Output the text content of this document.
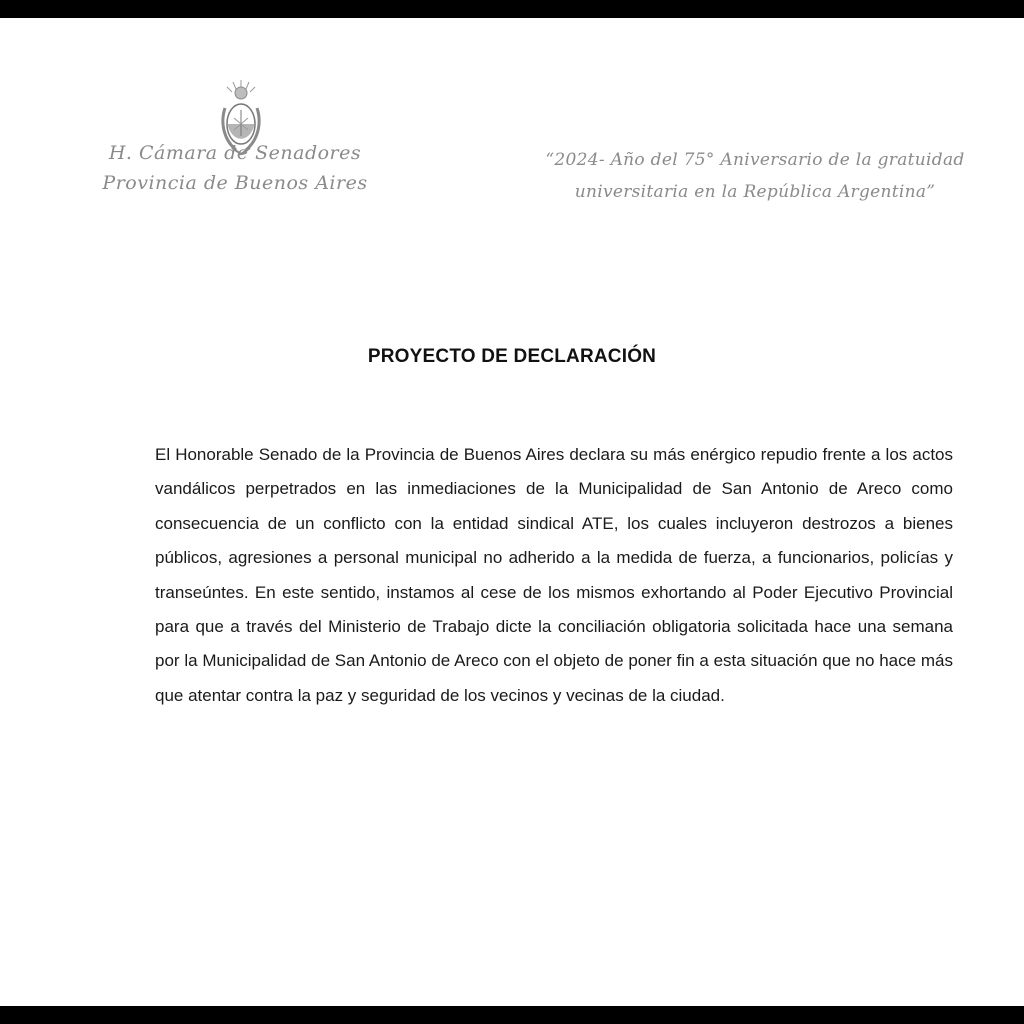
H. Cámara de Senadores
Provincia de Buenos Aires
“2024- Año del 75° Aniversario de la gratuidad
universitaria en la República Argentina”
PROYECTO DE DECLARACIÓN

El Honorable Senado de la Provincia de Buenos Aires declara su más enérgico repudio frente a los actos vandálicos perpetrados en las inmediaciones de la Municipalidad de San Antonio de Areco como consecuencia de un conflicto con la entidad sindical ATE, los cuales incluyeron destrozos a bienes públicos, agresiones a personal municipal no adherido a la medida de fuerza, a funcionarios, policías y transeúntes. En este sentido, instamos al cese de los mismos exhortando al Poder Ejecutivo Provincial para que a través del Ministerio de Trabajo dicte la conciliación obligatoria solicitada hace una semana por la Municipalidad de San Antonio de Areco con el objeto de poner fin a esta situación que no hace más que atentar contra la paz y seguridad de los vecinos y vecinas de la ciudad.
